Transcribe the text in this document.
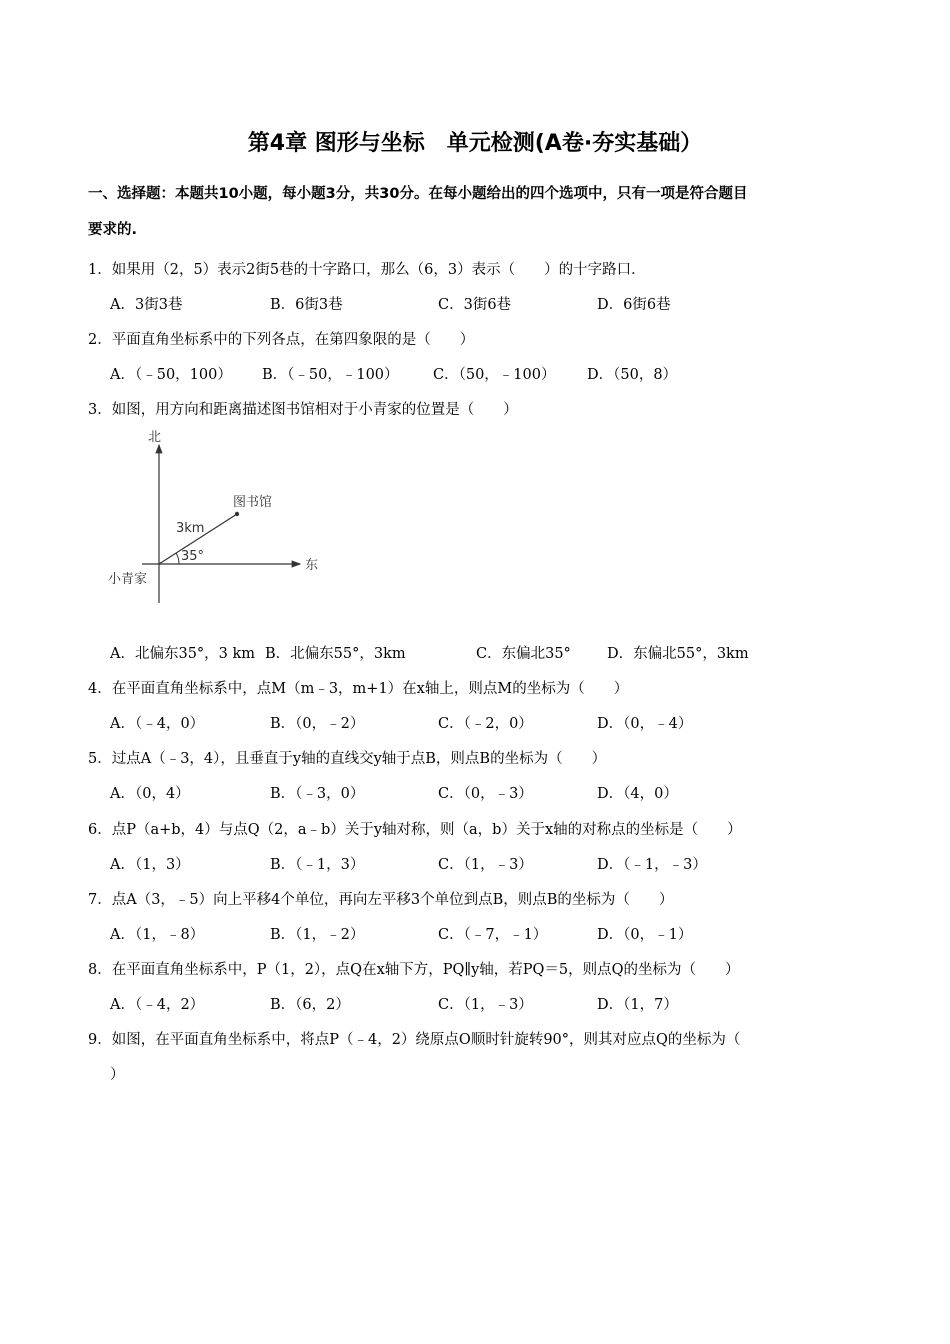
第4章 图形与坐标　单元检测(A卷·夯实基础）
一、选择题：本题共10小题，每小题3分，共30分。在每小题给出的四个选项中，只有一项是符合题目
要求的.
1．如果用（2，5）表示2街5巷的十字路口，那么（6，3）表示（　　）的十字路口．
A．3街3巷	B．6街3巷	C．3街6巷	D．6街6巷
2．平面直角坐标系中的下列各点，在第四象限的是（　　）
A．（﹣50，100） B．（﹣50，﹣100） C．（50，﹣100） D．（50，8）
3．如图，用方向和距离描述图书馆相对于小青家的位置是（　　）
北
东
小青家
图书馆
3km
35°
A．北偏东35°，3 km B．北偏东55°，3km	C．东偏北35° D．东偏北55°，3km
4．在平面直角坐标系中，点M（m﹣3，m+1）在x轴上，则点M的坐标为（　　）
A．（﹣4，0）	B．（0，﹣2）	C．（﹣2，0）	D．（0，﹣4）
5．过点A（﹣3，4），且垂直于y轴的直线交y轴于点B，则点B的坐标为（　　）
A．（0，4）	B．（﹣3，0）	C．（0，﹣3）	D．（4，0）
6．点P（a+b，4）与点Q（2，a﹣b）关于y轴对称，则（a，b）关于x轴的对称点的坐标是（　　）
A．（1，3）	B．（﹣1，3）	C．（1，﹣3）	D．（﹣1，﹣3）
7．点A（3，﹣5）向上平移4个单位，再向左平移3个单位到点B，则点B的坐标为（　　）
A．（1，﹣8）	B．（1，﹣2）	C．（﹣7，﹣1）	D．（0，﹣1）
8．在平面直角坐标系中，P（1，2），点Q在x轴下方，PQ∥y轴，若PQ＝5，则点Q的坐标为（　　）
A．（﹣4，2）	B．（6，2）	C．（1，﹣3）	D．（1，7）
9．如图，在平面直角坐标系中，将点P（﹣4，2）绕原点O顺时针旋转90°，则其对应点Q的坐标为（
）
